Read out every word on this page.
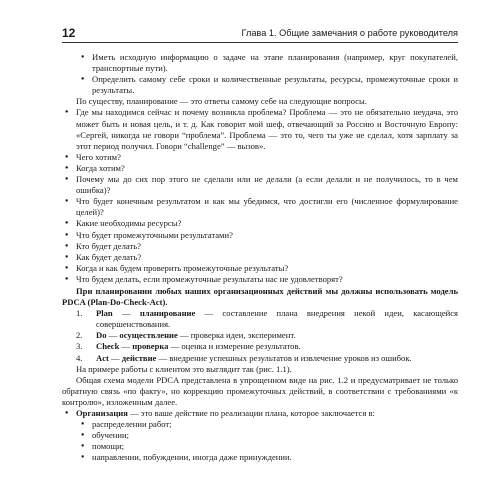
12	Глава 1. Общие замечания о работе руководителя
● Иметь исходную информацию о задаче на этапе планирования (например, круг покупателей, транспортные пути).
● Определить самому себе сроки и количественные результаты, ресурсы, промежуточные сроки и результаты.
По существу, планирование — это ответы самому себе на следующие вопросы.
● Где мы находимся сейчас и почему возникла проблема? Проблема — это не обязательно неудача, это может быть и новая цель, и т. д. Как говорит мой шеф, отвечающий за Россию и Восточную Европу: «Сергей, никогда не говори “проблема”. Проблема — это то, чего ты уже не сделал, хотя зарплату за этот период получил. Говори “challenge” — вызов».
● Чего хотим?
● Когда хотим?
● Почему мы до сих пор этого не сделали или не делали (а если делали и не получилось, то в чем ошибка)?
● Что будет конечным результатом и как мы убедимся, что достигли его (численное формулирование целей)?
● Какие необходимы ресурсы?
● Что будет промежуточными результатами?
● Кто будет делать?
● Как будет делать?
● Когда и как будем проверить промежуточные результаты?
● Что будем делать, если промежуточные результаты нас не удовлетворят?
При планировании любых наших организационных действий мы должны использовать модель PDCA (Plan-Do-Check-Act).
1. Plan — планирование — составление плана внедрения некой идеи, касающейся совершенствования.
2. Do — осуществление — проверка идеи, эксперимент.
3. Check — проверка — оценка и измерение результатов.
4. Act — действие — внедрение успешных результатов и извлечение уроков из ошибок.
На примере работы с клиентом это выглядит так (рис. 1.1).
Общая схема модели PDCA представлена в упрощенном виде на рис. 1.2 и предусматривает не только обратную связь «по факту», но коррекцию промежуточных действий, в соответствии с требованиями «к контролю», изложенным далее.
● Организация — это ваше действие по реализации плана, которое заключается в:
● распределении работ;
● обучении;
● помощи;
● направлении, побуждении, иногда даже принуждении.
